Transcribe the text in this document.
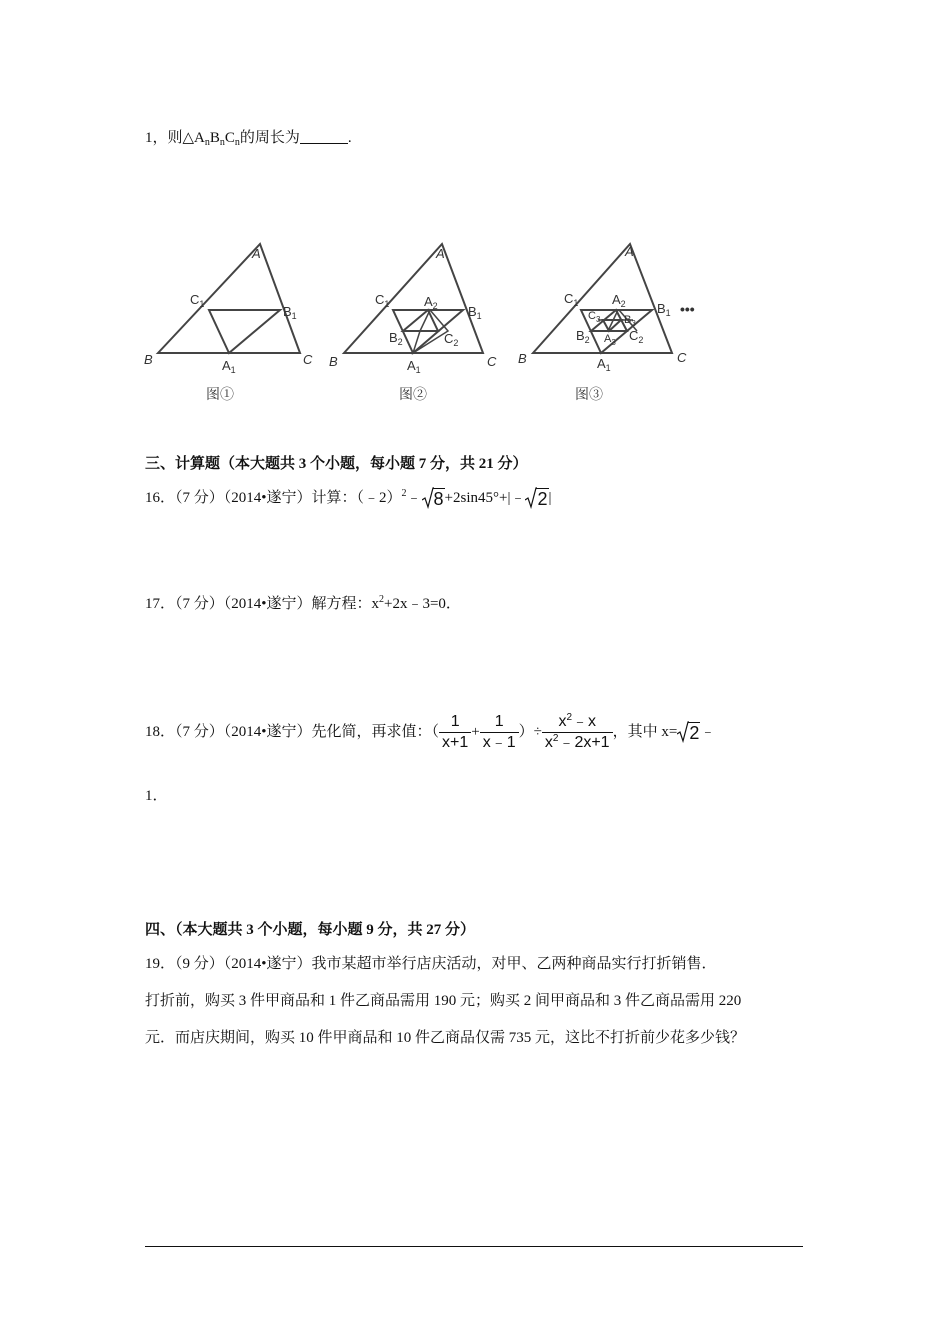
1，则$\triangle A_nB_nC_n$的周长为	.
A
B	C
$C_1$	$B_1$
$A_1$
图①
A
B	C
$C_1$	$A_2$ $B_1$
$B_2$	$C_2$
$A_1$
图②
A
B	C
$C_1$	$A_2$ $B_1$ •••
$C_3$ $B_3$
$B_2$ $A_3$ $C_2$
$A_1$
图③
三、计算题（本大题共 3 个小题，每小题 7 分，共 21 分）
16．（7 分）（2014•遂宁）计算：（﹣2）$^2$﹣ 8+2sin45°+|﹣ 2|
17．（7 分）（2014•遂宁）解方程：$x^2+2x﹣3=0$．
18．（7 分）（2014•遂宁）先化简，再求值：（ $\frac{1}{x+1} + \frac{1}{x﹣1}$ ）÷ $\frac{x^2﹣x}{x^2﹣2x+1}$ ，其中 x= 2﹣
1．
四、（本大题共 3 个小题，每小题 9 分，共 27 分）
19．（9 分）（2014•遂宁）我市某超市举行店庆活动，对甲、乙两种商品实行打折销售．
打折前，购买 3 件甲商品和 1 件乙商品需用 190 元；购买 2 间甲商品和 3 件乙商品需用 220
元．而店庆期间，购买 10 件甲商品和 10 件乙商品仅需 735 元，这比不打折前少花多少钱？
